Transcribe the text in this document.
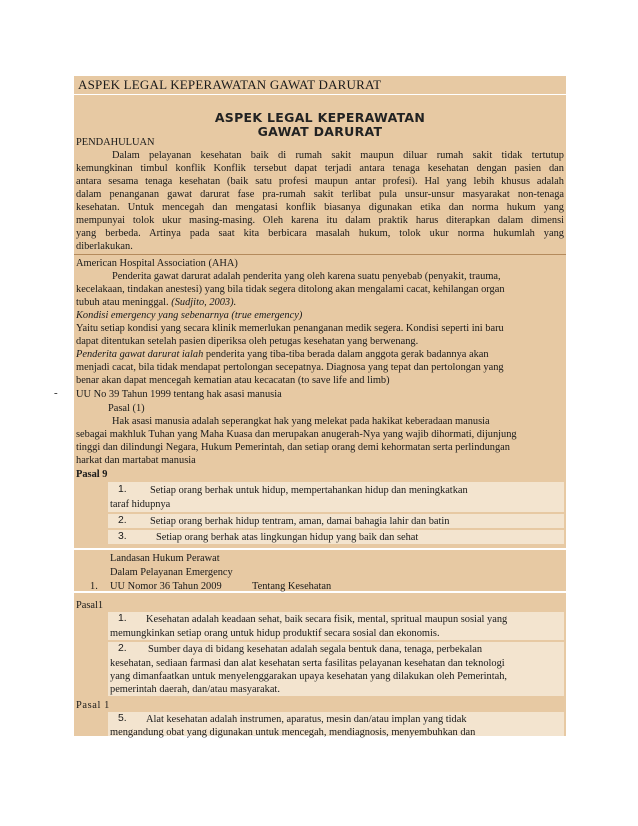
ASPEK LEGAL KEPERAWATAN GAWAT DARURAT
ASPEK LEGAL KEPERAWATAN
GAWAT DARURAT
PENDAHULUAN
Dalam pelayanan kesehatan baik di rumah sakit maupun diluar rumah sakit tidak tertutup
kemungkinan timbul konflik Konflik tersebut dapat terjadi antara tenaga kesehatan dengan pasien dan
antara sesama tenaga kesehatan (baik satu profesi maupun antar profesi). Hal yang lebih khusus adalah
dalam penanganan gawat darurat fase pra-rumah sakit terlibat pula unsur-unsur masyarakat non-tenaga
kesehatan. Untuk mencegah dan mengatasi konflik biasanya digunakan etika dan norma hukum yang
mempunyai tolok ukur masing-masing. Oleh karena itu dalam praktik harus diterapkan dalam dimensi
yang berbeda. Artinya pada saat kita berbicara masalah hukum, tolok ukur norma hukumlah yang
diberlakukan.
American Hospital Association (AHA)
Penderita gawat darurat adalah penderita yang oleh karena suatu penyebab (penyakit, trauma,
kecelakaan, tindakan anestesi) yang bila tidak segera ditolong akan mengalami cacat, kehilangan organ
tubuh atau meninggal. (Sudjito, 2003).
Kondisi emergency yang sebenarnya (true emergency)
Yaitu setiap kondisi yang secara klinik memerlukan penanganan medik segera. Kondisi seperti ini baru
dapat ditentukan setelah pasien diperiksa oleh petugas kesehatan yang berwenang.
Penderita gawat darurat ialah penderita yang tiba-tiba berada dalam anggota gerak badannya akan
menjadi cacat, bila tidak mendapat pertolongan secepatnya. Diagnosa yang tepat dan pertolongan yang
benar akan dapat mencegah kematian atau kecacatan (to save life and limb)
- UU No 39 Tahun 1999 tentang hak asasi manusia
Pasal (1)
Hak asasi manusia adalah seperangkat hak yang melekat pada hakikat keberadaan manusia
sebagai makhluk Tuhan yang Maha Kuasa dan merupakan anugerah-Nya yang wajib dihormati, dijunjung
tinggi dan dilindungi Negara, Hukum Pemerintah, dan setiap orang demi kehormatan serta perlindungan
harkat dan martabat manusia
Pasal 9
1.	Setiap orang berhak untuk hidup, mempertahankan hidup dan meningkatkan
taraf hidupnya
2.	Setiap orang berhak hidup tentram, aman, damai bahagia lahir dan batin
3.	Setiap orang berhak atas lingkungan hidup yang baik dan sehat
Landasan Hukum Perawat
Dalam Pelayanan Emergency
1.	UU Nomor 36 Tahun 2009	Tentang Kesehatan
Pasal1
1.	Kesehatan adalah keadaan sehat, baik secara fisik, mental, spritual maupun sosial yang
memungkinkan setiap orang untuk hidup produktif secara sosial dan ekonomis.
2.	Sumber daya di bidang kesehatan adalah segala bentuk dana, tenaga, perbekalan
kesehatan, sediaan farmasi dan alat kesehatan serta fasilitas pelayanan kesehatan dan teknologi
yang dimanfaatkan untuk menyelenggarakan upaya kesehatan yang dilakukan oleh Pemerintah,
pemerintah daerah, dan/atau masyarakat.
Pasal 1
5.	Alat kesehatan adalah instrumen, aparatus, mesin dan/atau implan yang tidak
mengandung obat yang digunakan untuk mencegah, mendiagnosis, menyembuhkan dan
